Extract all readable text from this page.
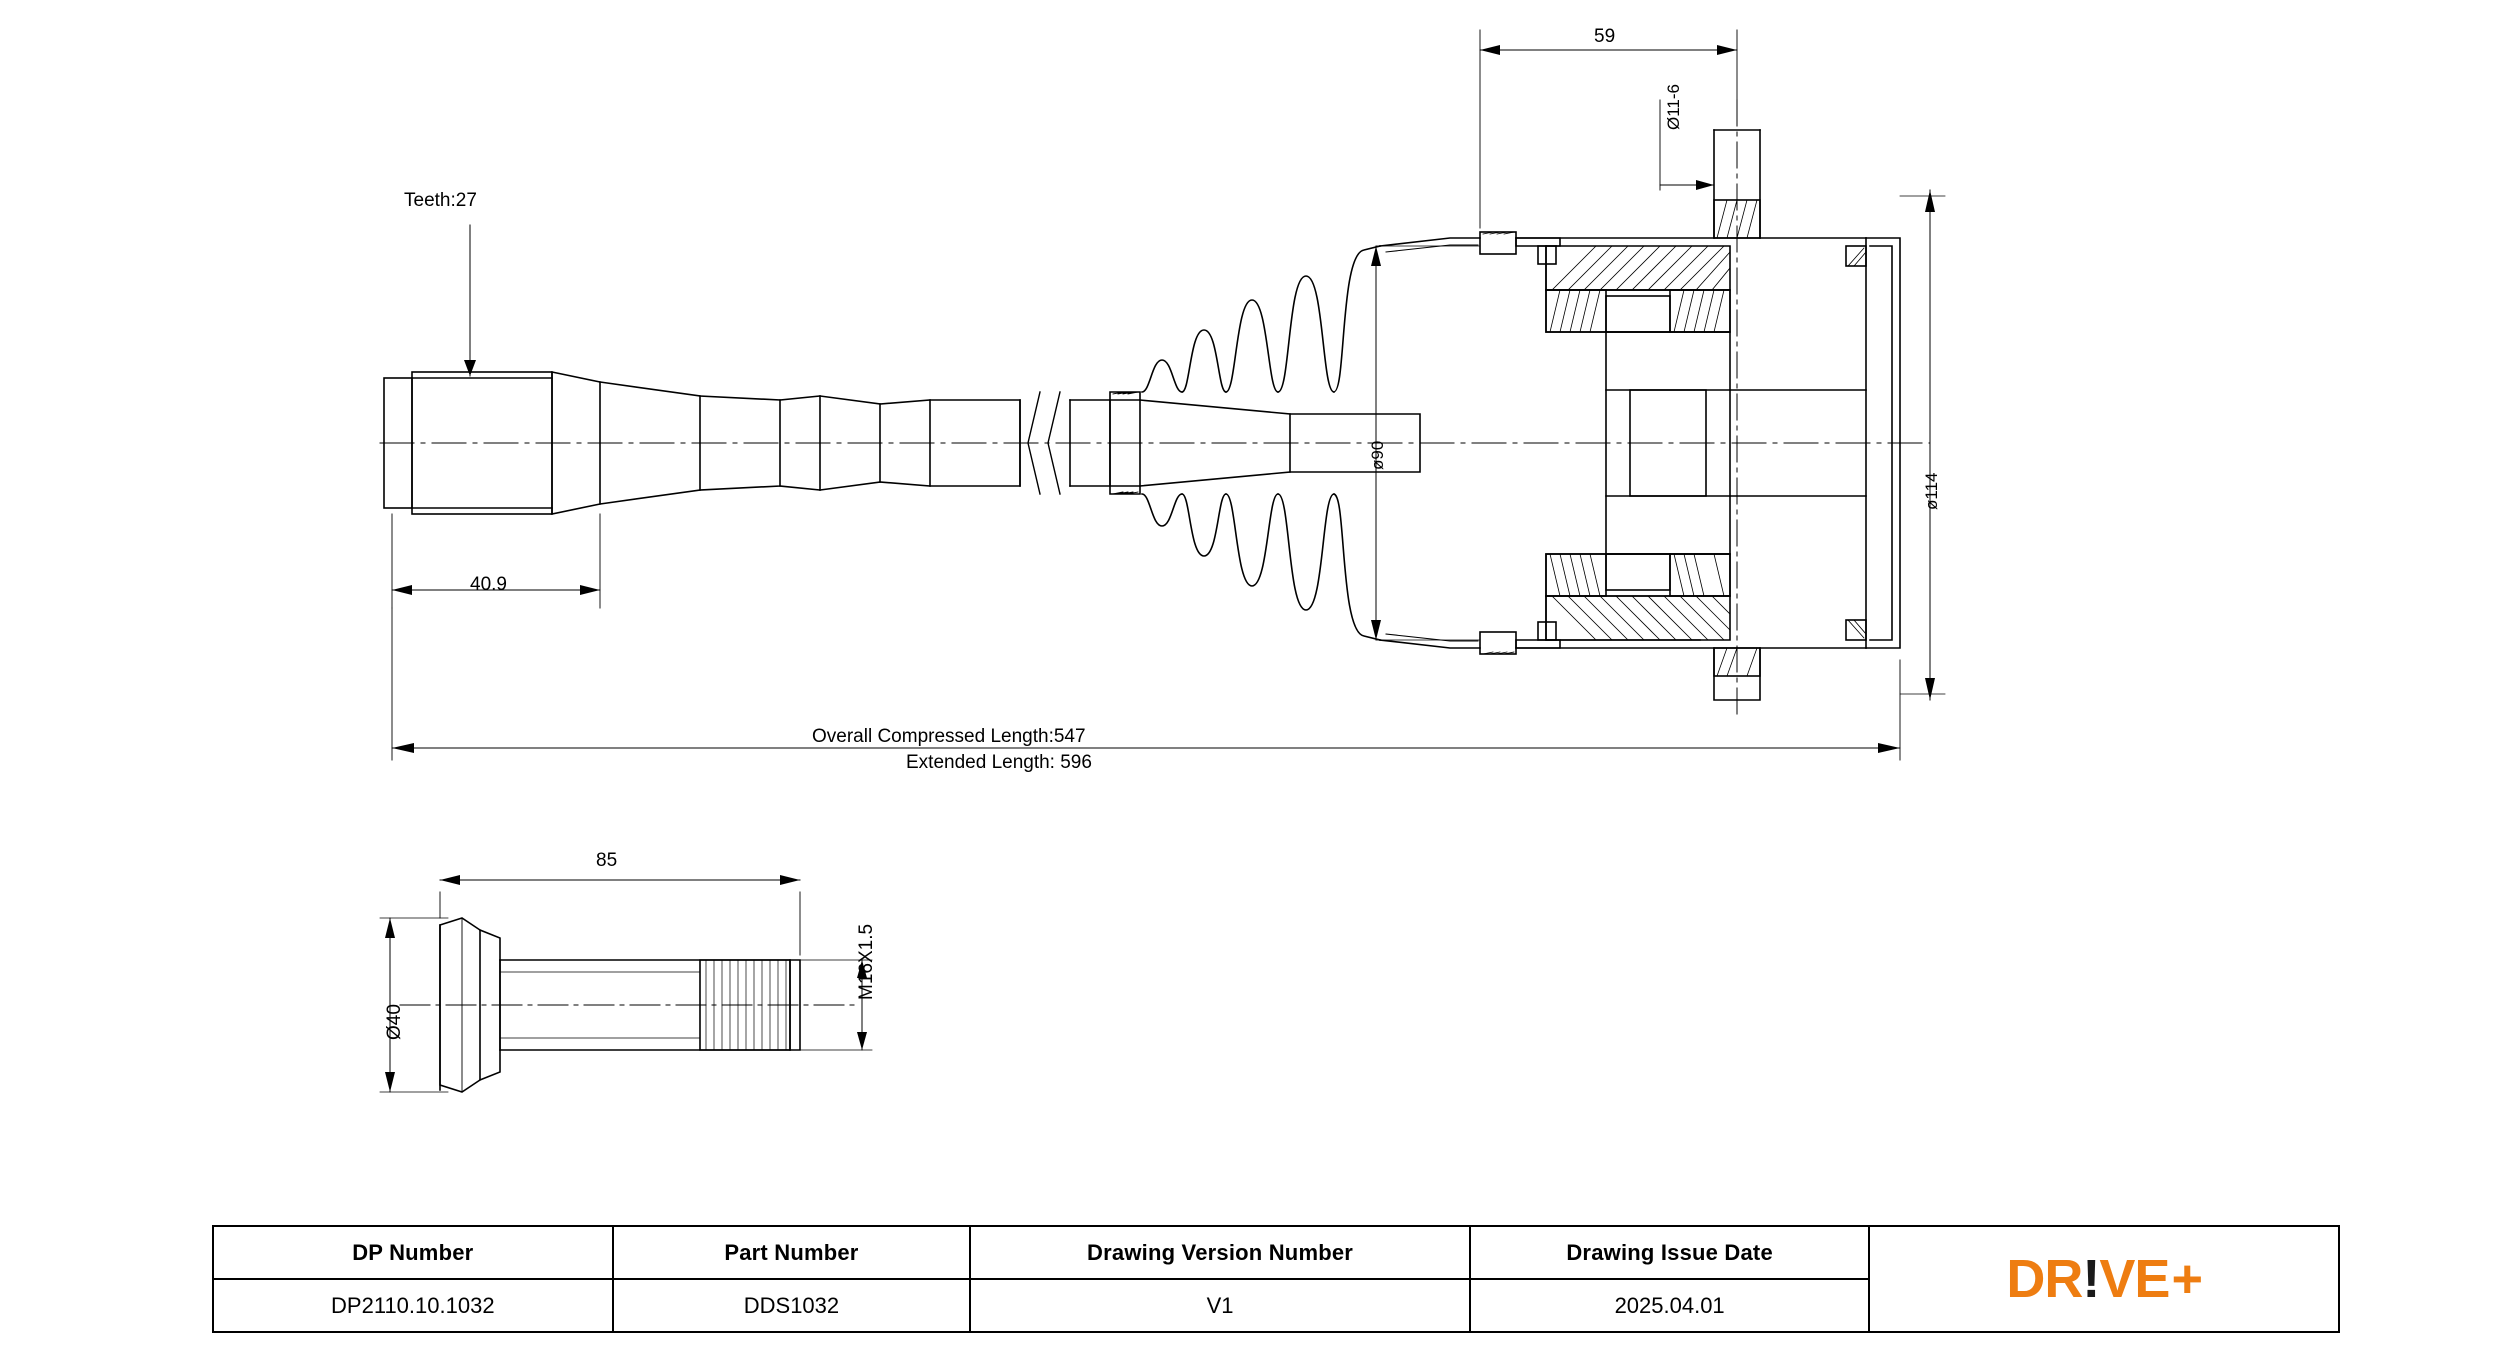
Teeth:27
40.9
Overall Compressed Length:547
Extended Length: 596
59
Ø11-6
ø90
ø114
85
M16X1.5
Ø40
DP Number
DP2110.10.1032
Part Number
DDS1032
Drawing Version Number
V1
Drawing Issue Date
2025.04.01	DR ! VE +
